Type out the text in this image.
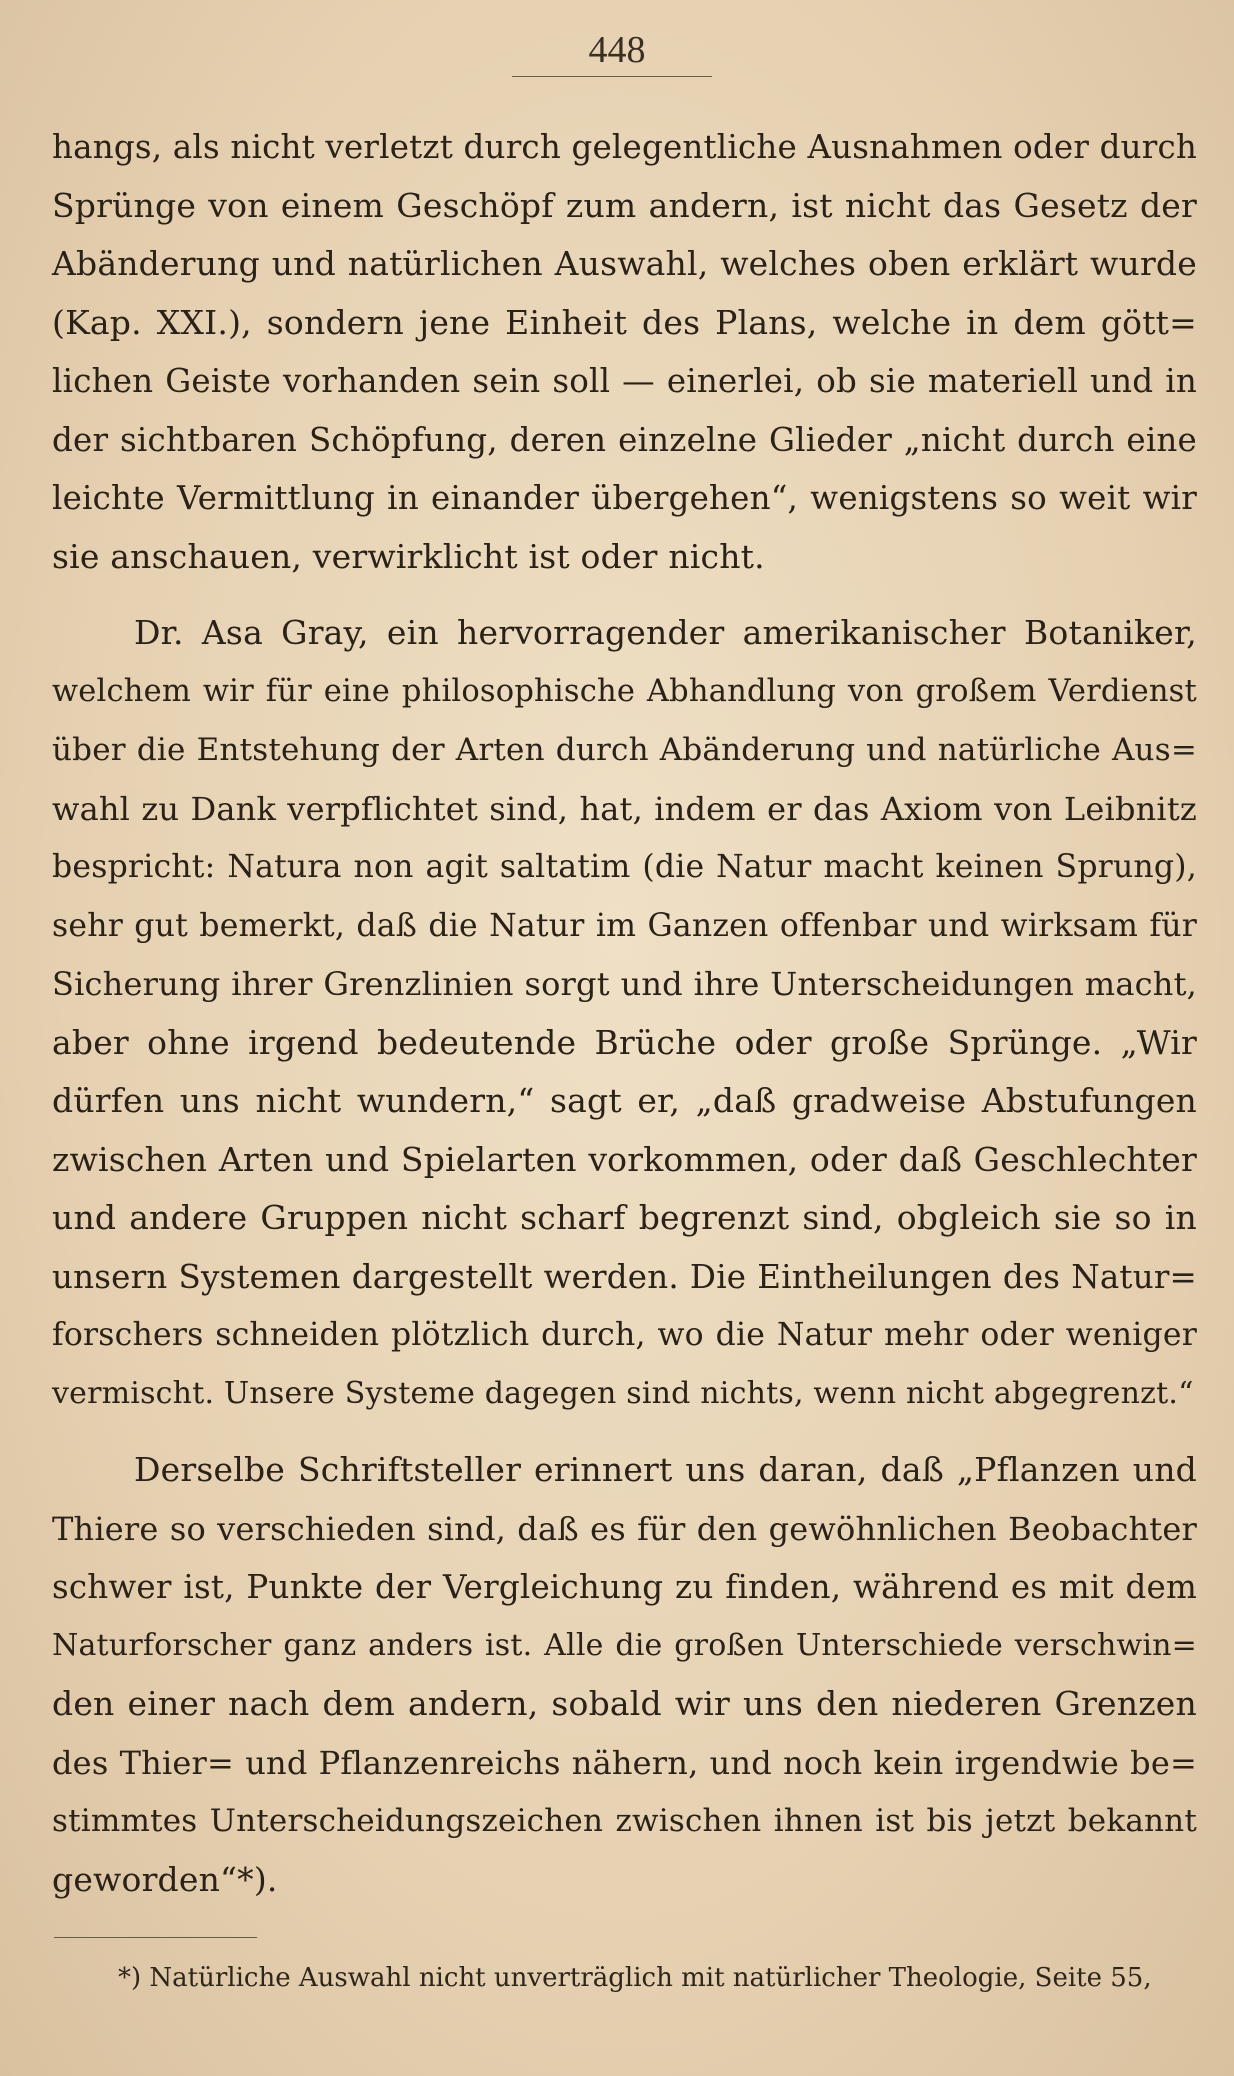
448
hangs, als nicht verletzt durch gelegentliche Ausnahmen oder durch
Sprünge von einem Geschöpf zum andern, ist nicht das Gesetz der
Abänderung und natürlichen Auswahl, welches oben erklärt wurde
(Kap. XXI.), sondern jene Einheit des Plans, welche in dem gött=
lichen Geiste vorhanden sein soll — einerlei, ob sie materiell und in
der sichtbaren Schöpfung, deren einzelne Glieder „nicht durch eine
leichte Vermittlung in einander übergehen“, wenigstens so weit wir
sie anschauen, verwirklicht ist oder nicht.
Dr. Asa Gray, ein hervorragender amerikanischer Botaniker,
welchem wir für eine philosophische Abhandlung von großem Verdienst
über die Entstehung der Arten durch Abänderung und natürliche Aus=
wahl zu Dank verpflichtet sind, hat, indem er das Axiom von Leibnitz
bespricht: Natura non agit saltatim (die Natur macht keinen Sprung),
sehr gut bemerkt, daß die Natur im Ganzen offenbar und wirksam für
Sicherung ihrer Grenzlinien sorgt und ihre Unterscheidungen macht,
aber ohne irgend bedeutende Brüche oder große Sprünge. „Wir
dürfen uns nicht wundern,“ sagt er, „daß gradweise Abstufungen
zwischen Arten und Spielarten vorkommen, oder daß Geschlechter
und andere Gruppen nicht scharf begrenzt sind, obgleich sie so in
unsern Systemen dargestellt werden. Die Eintheilungen des Natur=
forschers schneiden plötzlich durch, wo die Natur mehr oder weniger
vermischt. Unsere Systeme dagegen sind nichts, wenn nicht abgegrenzt.“
Derselbe Schriftsteller erinnert uns daran, daß „Pflanzen und
Thiere so verschieden sind, daß es für den gewöhnlichen Beobachter
schwer ist, Punkte der Vergleichung zu finden, während es mit dem
Naturforscher ganz anders ist. Alle die großen Unterschiede verschwin=
den einer nach dem andern, sobald wir uns den niederen Grenzen
des Thier= und Pflanzenreichs nähern, und noch kein irgendwie be=
stimmtes Unterscheidungszeichen zwischen ihnen ist bis jetzt bekannt
geworden“*).
*) Natürliche Auswahl nicht unverträglich mit natürlicher Theologie, Seite 55,
